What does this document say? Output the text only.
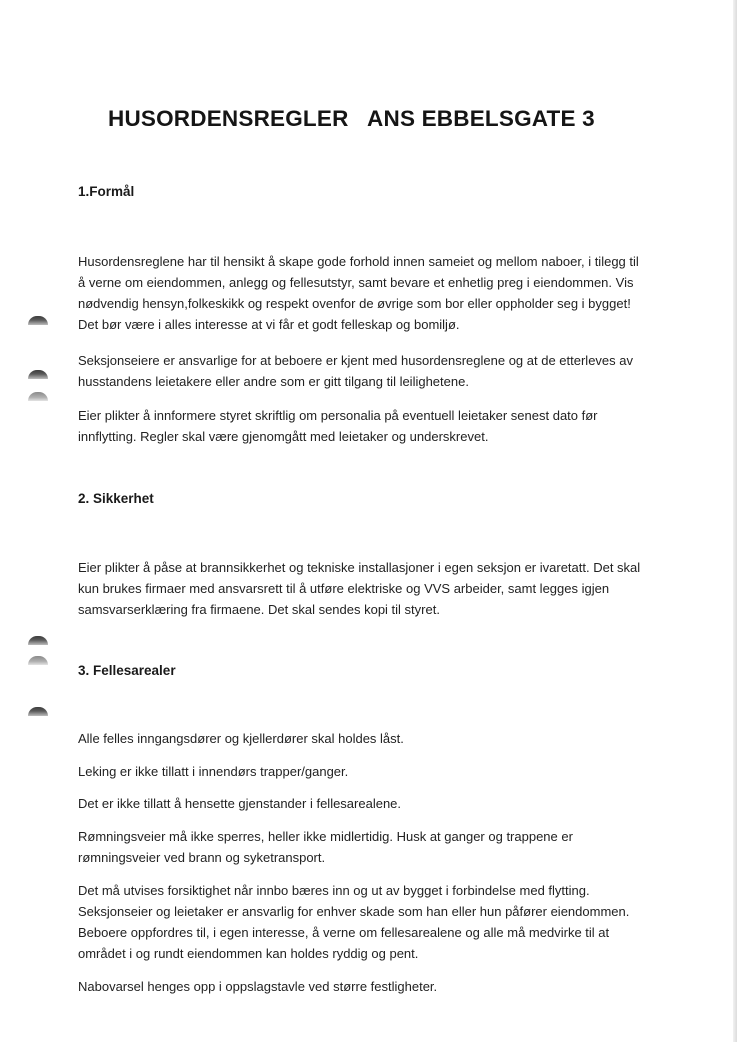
HUSORDENSREGLER   ANS EBBELSGATE 3
1.Formål

Husordensreglene har til hensikt å skape gode forhold innen sameiet og mellom naboer, i tilegg til å verne om eiendommen, anlegg og fellesutstyr, samt bevare et enhetlig preg i eiendommen. Vis nødvendig hensyn,folkeskikk og respekt ovenfor de øvrige som bor eller oppholder seg i bygget! Det bør være i alles interesse at vi får et godt felleskap og bomiljø.

Seksjonseiere er ansvarlige for at beboere er kjent med husordensreglene og at de etterleves av husstandens leietakere eller andre som er gitt tilgang til leilighetene.

Eier plikter å innformere styret skriftlig om personalia på eventuell leietaker senest dato før innflytting. Regler skal være gjenomgått med leietaker og underskrevet.

2. Sikkerhet

Eier plikter å påse at brannsikkerhet og tekniske installasjoner i egen seksjon er ivaretatt. Det skal kun brukes firmaer med ansvarsrett til å utføre elektriske og VVS arbeider, samt legges igjen samsvarserklæring fra firmaene. Det skal sendes kopi til styret.

3. Fellesarealer

Alle felles inngangsdører og kjellerdører skal holdes låst.

Leking er ikke tillatt i innendørs trapper/ganger.

Det er ikke tillatt å hensette gjenstander i fellesarealene.

Rømningsveier må ikke sperres, heller ikke midlertidig. Husk at ganger og trappene er rømningsveier ved brann og syketransport.

Det må utvises forsiktighet når innbo bæres inn og ut av bygget i forbindelse med flytting. Seksjonseier og leietaker er ansvarlig for enhver skade som han eller hun påfører eiendommen. Beboere oppfordres til, i egen interesse, å verne om fellesarealene og alle må medvirke til at området i og rundt eiendommen kan holdes ryddig og pent.

Nabovarsel henges opp i oppslagstavle ved større festligheter.
